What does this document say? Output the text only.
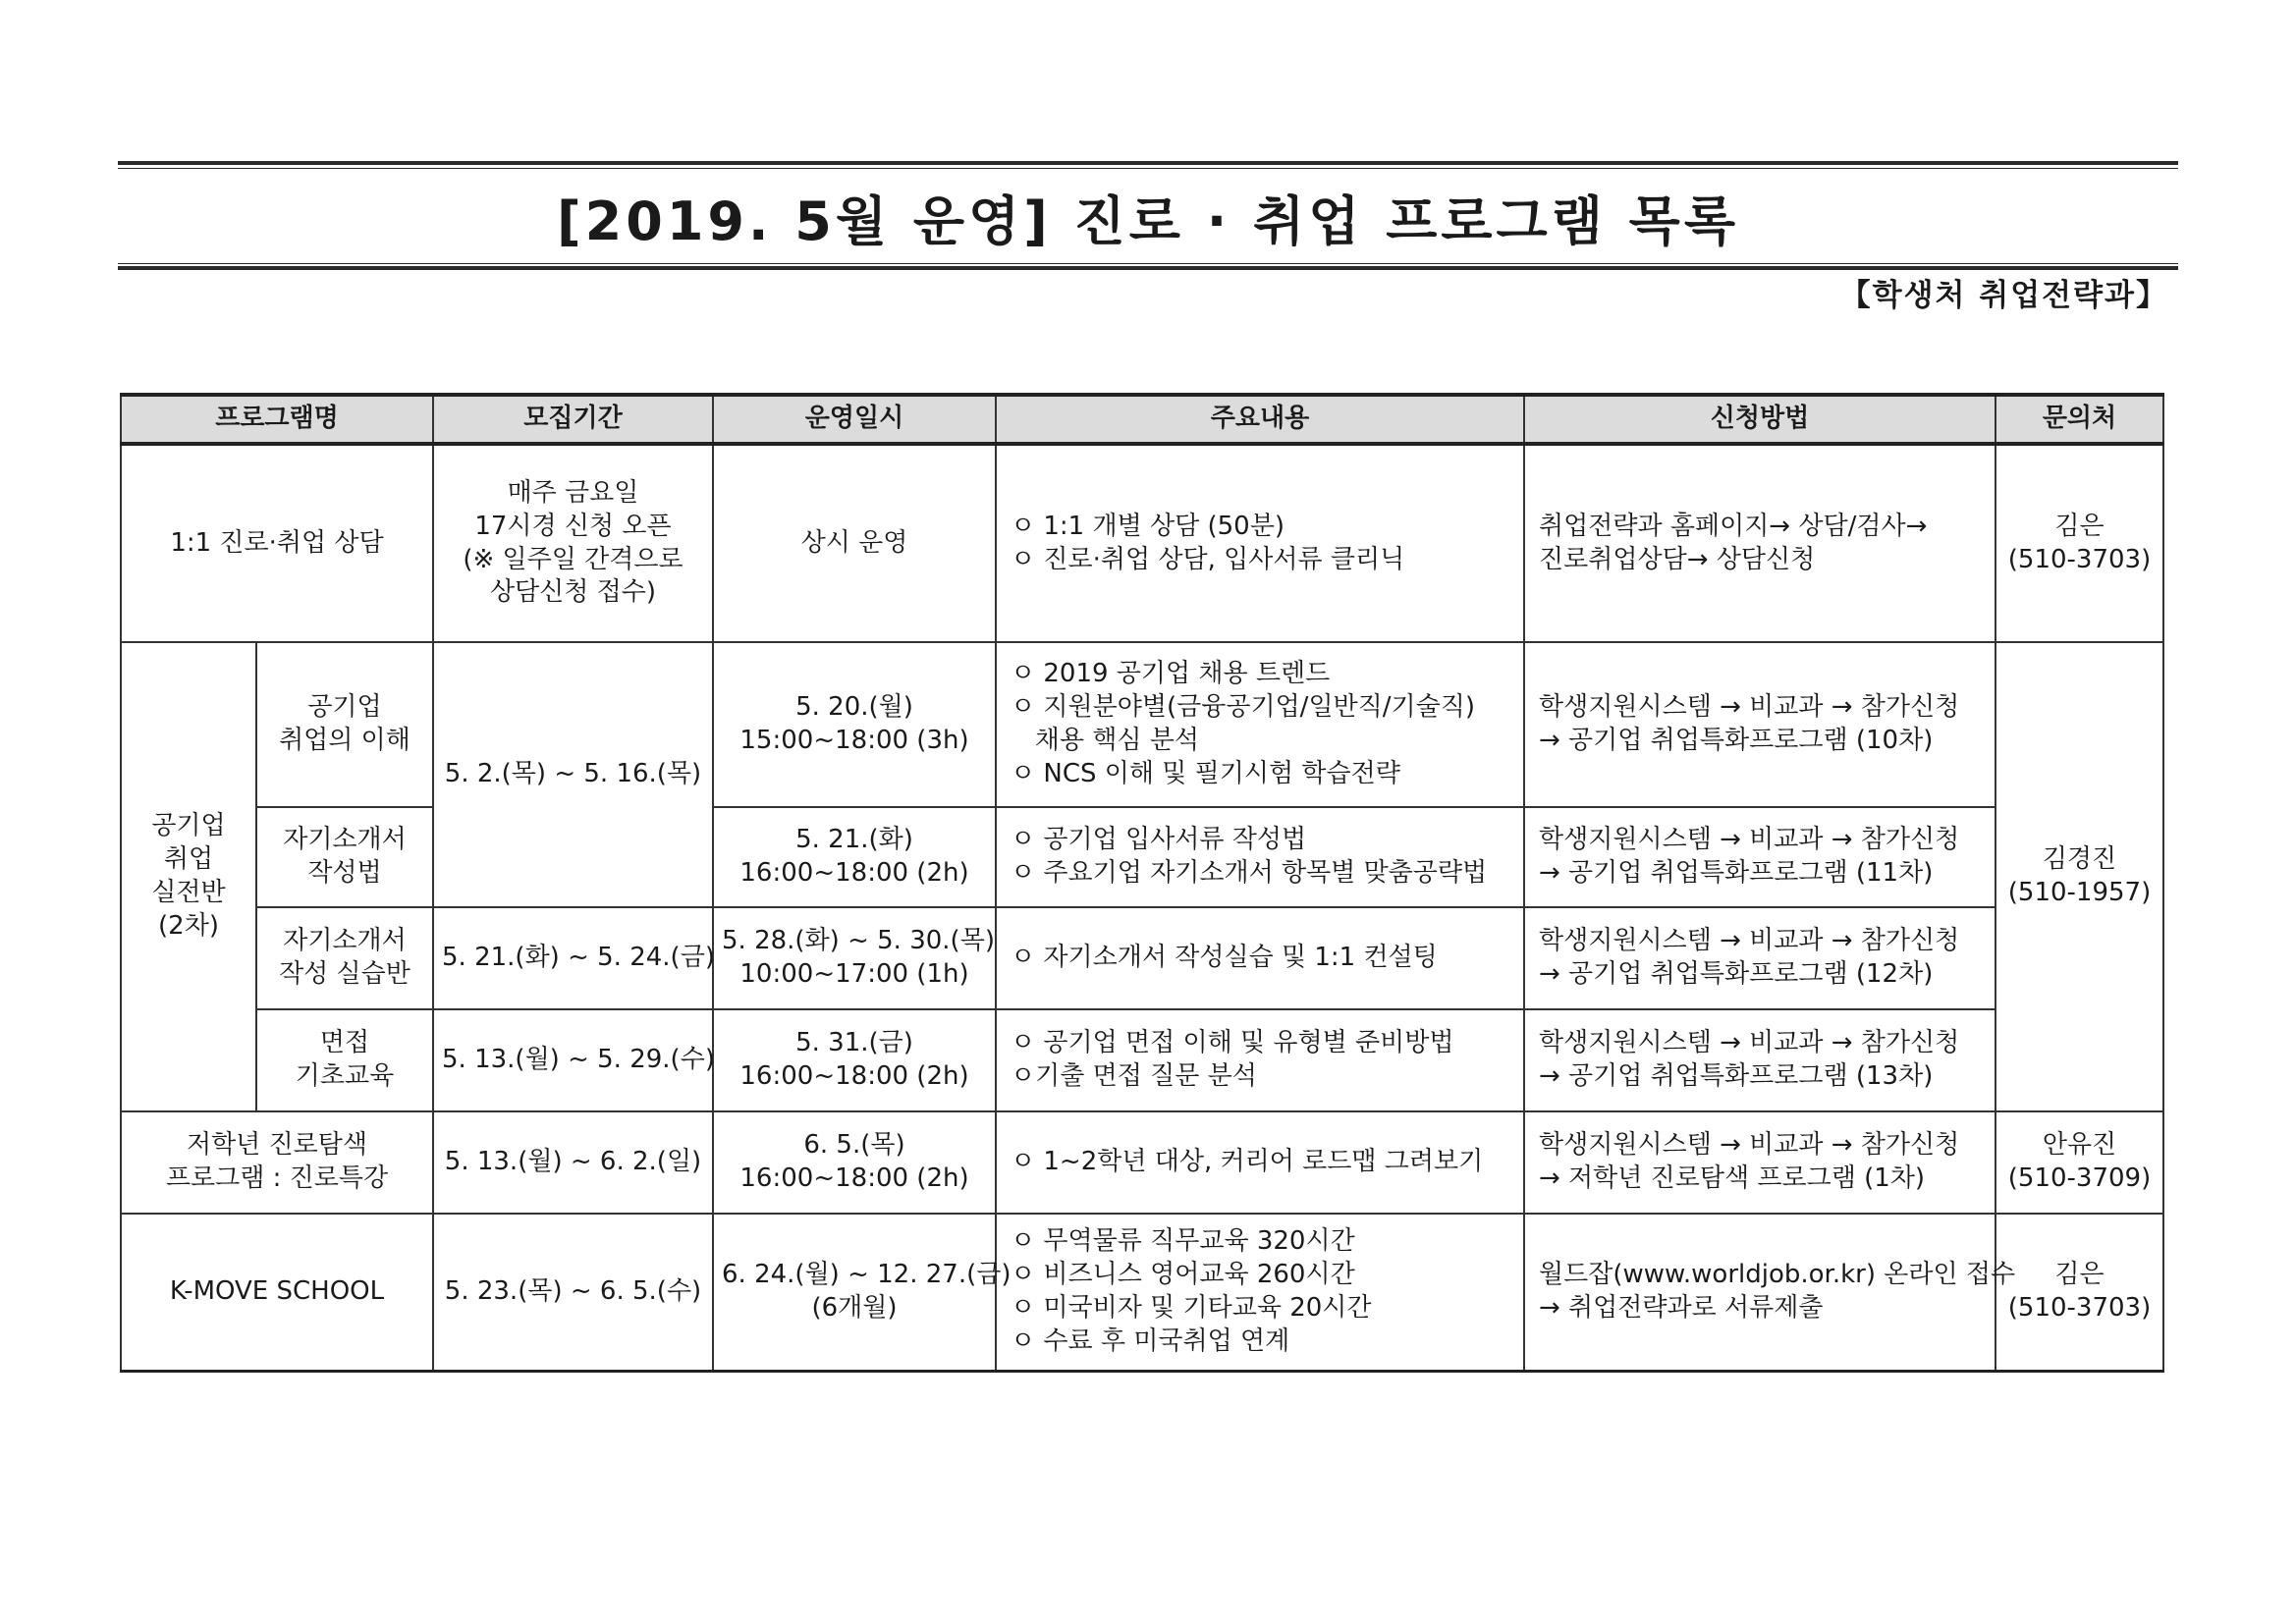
[2019. 5월 운영] 진로 · 취업 프로그램 목록
【학생처 취업전략과】
프로그램명		모집기간	운영일시	주요내용	신청방법	문의처

1:1 진로·취업 상담		매주 금요일
17시경 신청 오픈
(※ 일주일 간격으로
상담신청 접수)	상시 운영	ㅇ 1:1 개별 상담 (50분)
ㅇ 진로·취업 상담, 입사서류 클리닉	취업전략과 홈페이지→ 상담/검사→
진로취업상담→ 상담신청	김은
(510-3703)

공기업
취업
실전반
(2차)	공기업
취업의 이해	5. 2.(목) ~ 5. 16.(목)	5. 20.(월)
15:00~18:00 (3h)	ㅇ 2019 공기업 채용 트렌드
ㅇ 지원분야별(금융공기업/일반직/기술직)
채용 핵심 분석
ㅇ NCS 이해 및 필기시험 학습전략	학생지원시스템 → 비교과 → 참가신청
→ 공기업 취업특화프로그램 (10차)	김경진
(510-1957)

	자기소개서
작성법		5. 21.(화)
16:00~18:00 (2h)	ㅇ 공기업 입사서류 작성법
ㅇ 주요기업 자기소개서 항목별 맞춤공략법	학생지원시스템 → 비교과 → 참가신청
→ 공기업 취업특화프로그램 (11차)	

	자기소개서
작성 실습반	5. 21.(화) ~ 5. 24.(금)	5. 28.(화) ~ 5. 30.(목)
10:00~17:00 (1h)	ㅇ 자기소개서 작성실습 및 1:1 컨설팅	학생지원시스템 → 비교과 → 참가신청
→ 공기업 취업특화프로그램 (12차)	

	면접
기초교육	5. 13.(월) ~ 5. 29.(수)	5. 31.(금)
16:00~18:00 (2h)	ㅇ 공기업 면접 이해 및 유형별 준비방법
ㅇ기출 면접 질문 분석	학생지원시스템 → 비교과 → 참가신청
→ 공기업 취업특화프로그램 (13차)	

저학년 진로탐색
프로그램 : 진로특강		5. 13.(월) ~ 6. 2.(일)	6. 5.(목)
16:00~18:00 (2h)	ㅇ 1~2학년 대상, 커리어 로드맵 그려보기	학생지원시스템 → 비교과 → 참가신청
→ 저학년 진로탐색 프로그램 (1차)	안유진
(510-3709)

K-MOVE SCHOOL		5. 23.(목) ~ 6. 5.(수)	6. 24.(월) ~ 12. 27.(금)
(6개월)	ㅇ 무역물류 직무교육 320시간
ㅇ 비즈니스 영어교육 260시간
ㅇ 미국비자 및 기타교육 20시간
ㅇ 수료 후 미국취업 연계	월드잡(www.worldjob.or.kr) 온라인 접수
→ 취업전략과로 서류제출	김은
(510-3703)
